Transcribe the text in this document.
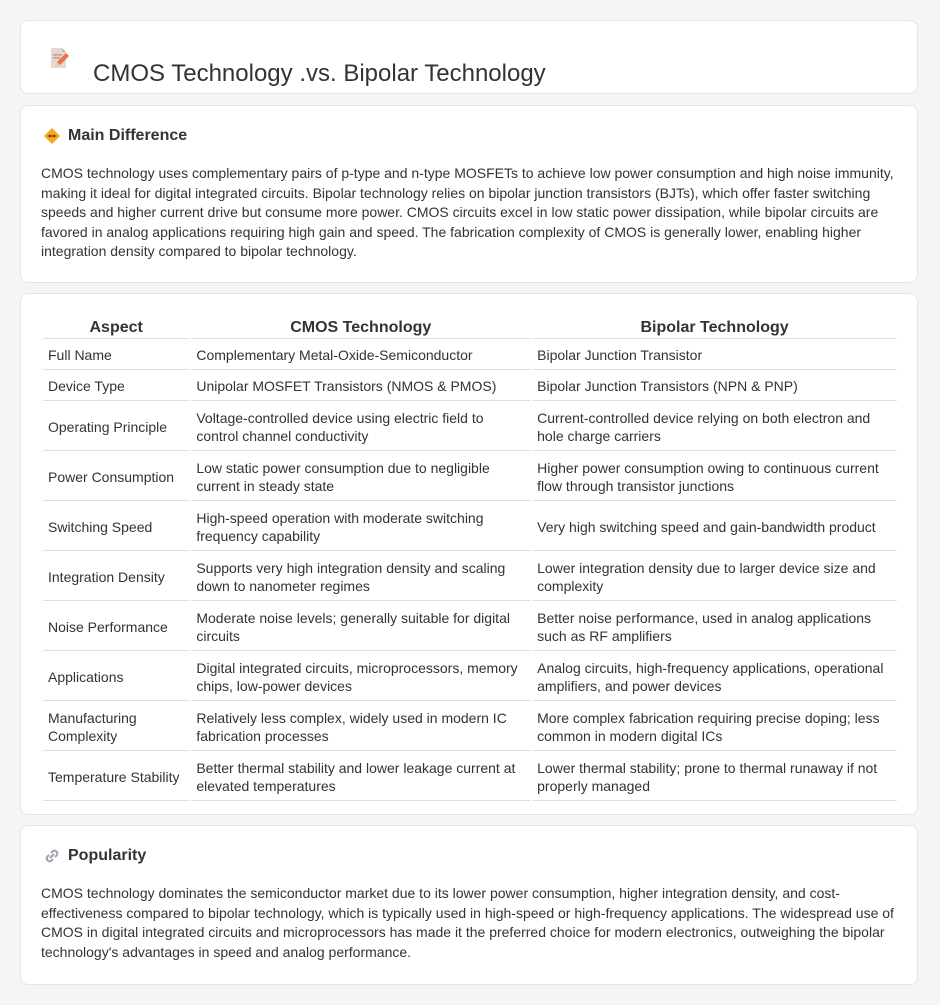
CMOS Technology .vs. Bipolar Technology
Main Difference

CMOS technology uses complementary pairs of p-type and n-type MOSFETs to achieve low power consumption and high noise immunity, making it ideal for digital integrated circuits. Bipolar technology relies on bipolar junction transistors (BJTs), which offer faster switching speeds and higher current drive but consume more power. CMOS circuits excel in low static power dissipation, while bipolar circuits are favored in analog applications requiring high gain and speed. The fabrication complexity of CMOS is generally lower, enabling higher integration density compared to bipolar technology.

Aspect	CMOS Technology	Bipolar Technology
Full Name	Complementary Metal-Oxide-Semiconductor	Bipolar Junction Transistor
Device Type	Unipolar MOSFET Transistors (NMOS & PMOS)	Bipolar Junction Transistors (NPN & PNP)
Operating Principle	Voltage-controlled device using electric field to control channel conductivity	Current-controlled device relying on both electron and hole charge carriers
Power Consumption	Low static power consumption due to negligible current in steady state	Higher power consumption owing to continuous current flow through transistor junctions
Switching Speed	High-speed operation with moderate switching frequency capability	Very high switching speed and gain-bandwidth product
Integration Density	Supports very high integration density and scaling down to nanometer regimes	Lower integration density due to larger device size and complexity
Noise Performance	Moderate noise levels; generally suitable for digital circuits	Better noise performance, used in analog applications such as RF amplifiers
Applications	Digital integrated circuits, microprocessors, memory chips, low-power devices	Analog circuits, high-frequency applications, operational amplifiers, and power devices
Manufacturing Complexity	Relatively less complex, widely used in modern IC fabrication processes	More complex fabrication requiring precise doping; less common in modern digital ICs
Temperature Stability	Better thermal stability and lower leakage current at elevated temperatures	Lower thermal stability; prone to thermal runaway if not properly managed
Popularity

CMOS technology dominates the semiconductor market due to its lower power consumption, higher integration density, and cost-effectiveness compared to bipolar technology, which is typically used in high-speed or high-frequency applications. The widespread use of CMOS in digital integrated circuits and microprocessors has made it the preferred choice for modern electronics, outweighing the bipolar technology's advantages in speed and analog performance.
